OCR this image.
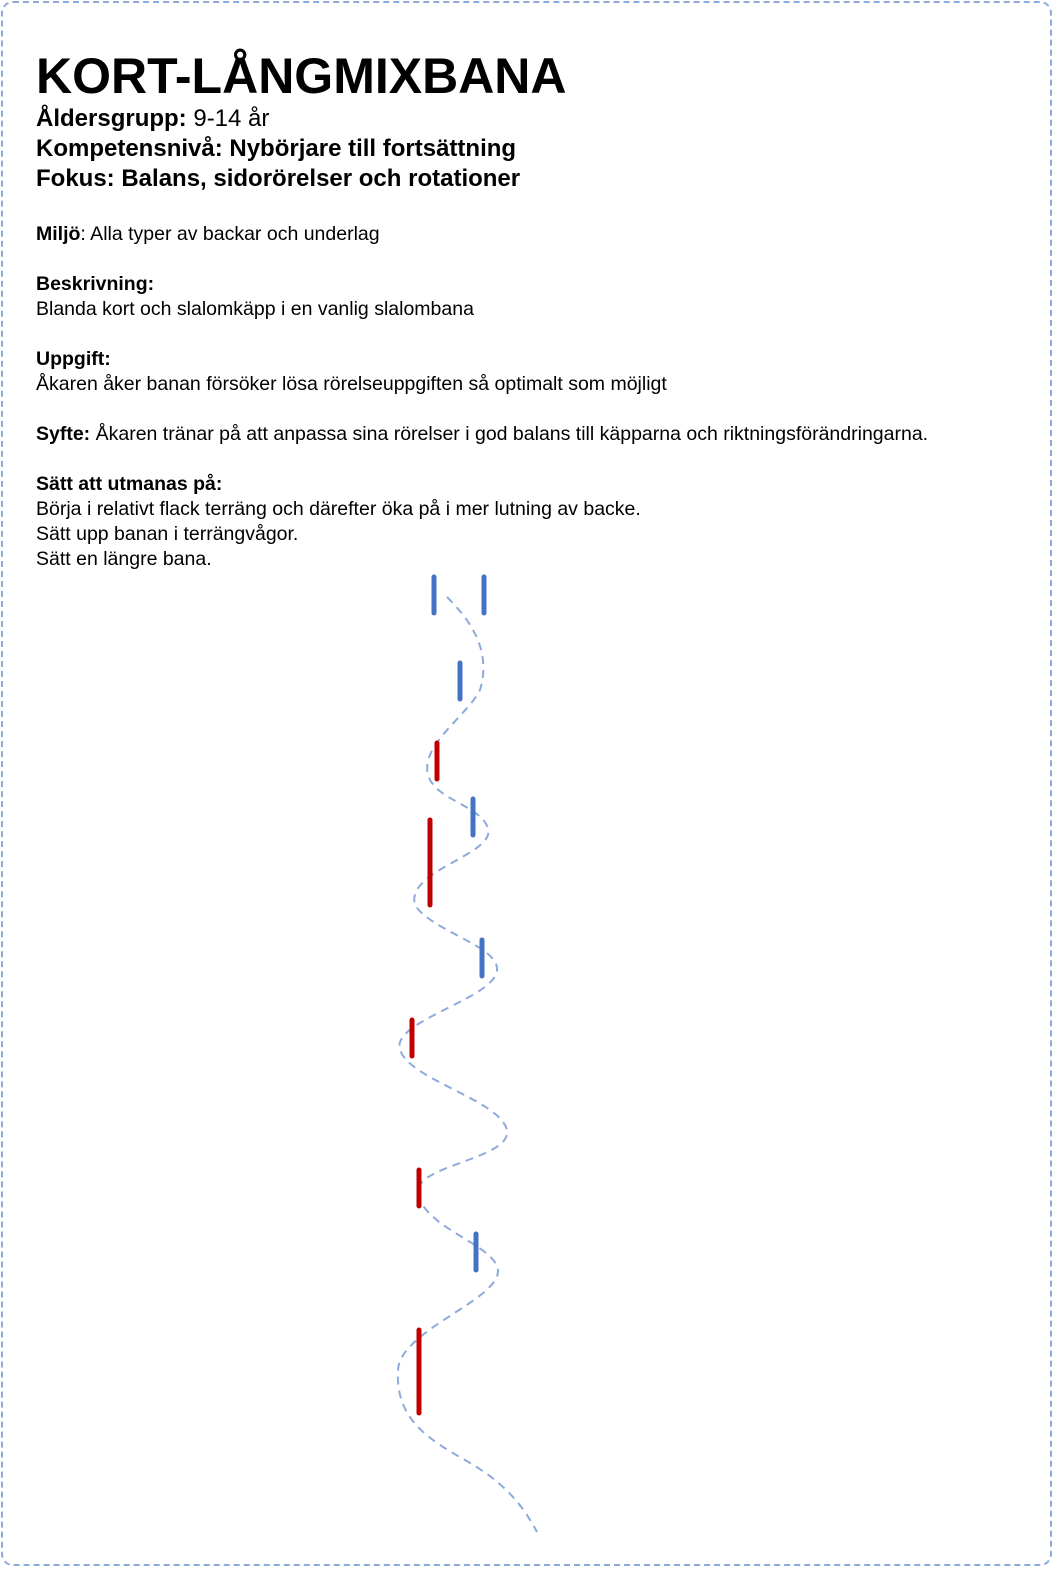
KORT-LÅNGMIXBANA

Åldersgrupp: 9-14 år

Kompetensnivå: Nybörjare till fortsättning

Fokus: Balans, sidorörelser och rotationer

Miljö: Alla typer av backar och underlag

Beskrivning:

Blanda kort och slalomkäpp i en vanlig slalombana

Uppgift:

Åkaren åker banan försöker lösa rörelseuppgiften så optimalt som möjligt

Syfte: Åkaren tränar på att anpassa sina rörelser i god balans till käpparna och riktningsförändringarna.

Sätt att utmanas på:

Börja i relativt flack terräng och därefter öka på i mer lutning av backe.

Sätt upp banan i terrängvågor.

Sätt en längre bana.
